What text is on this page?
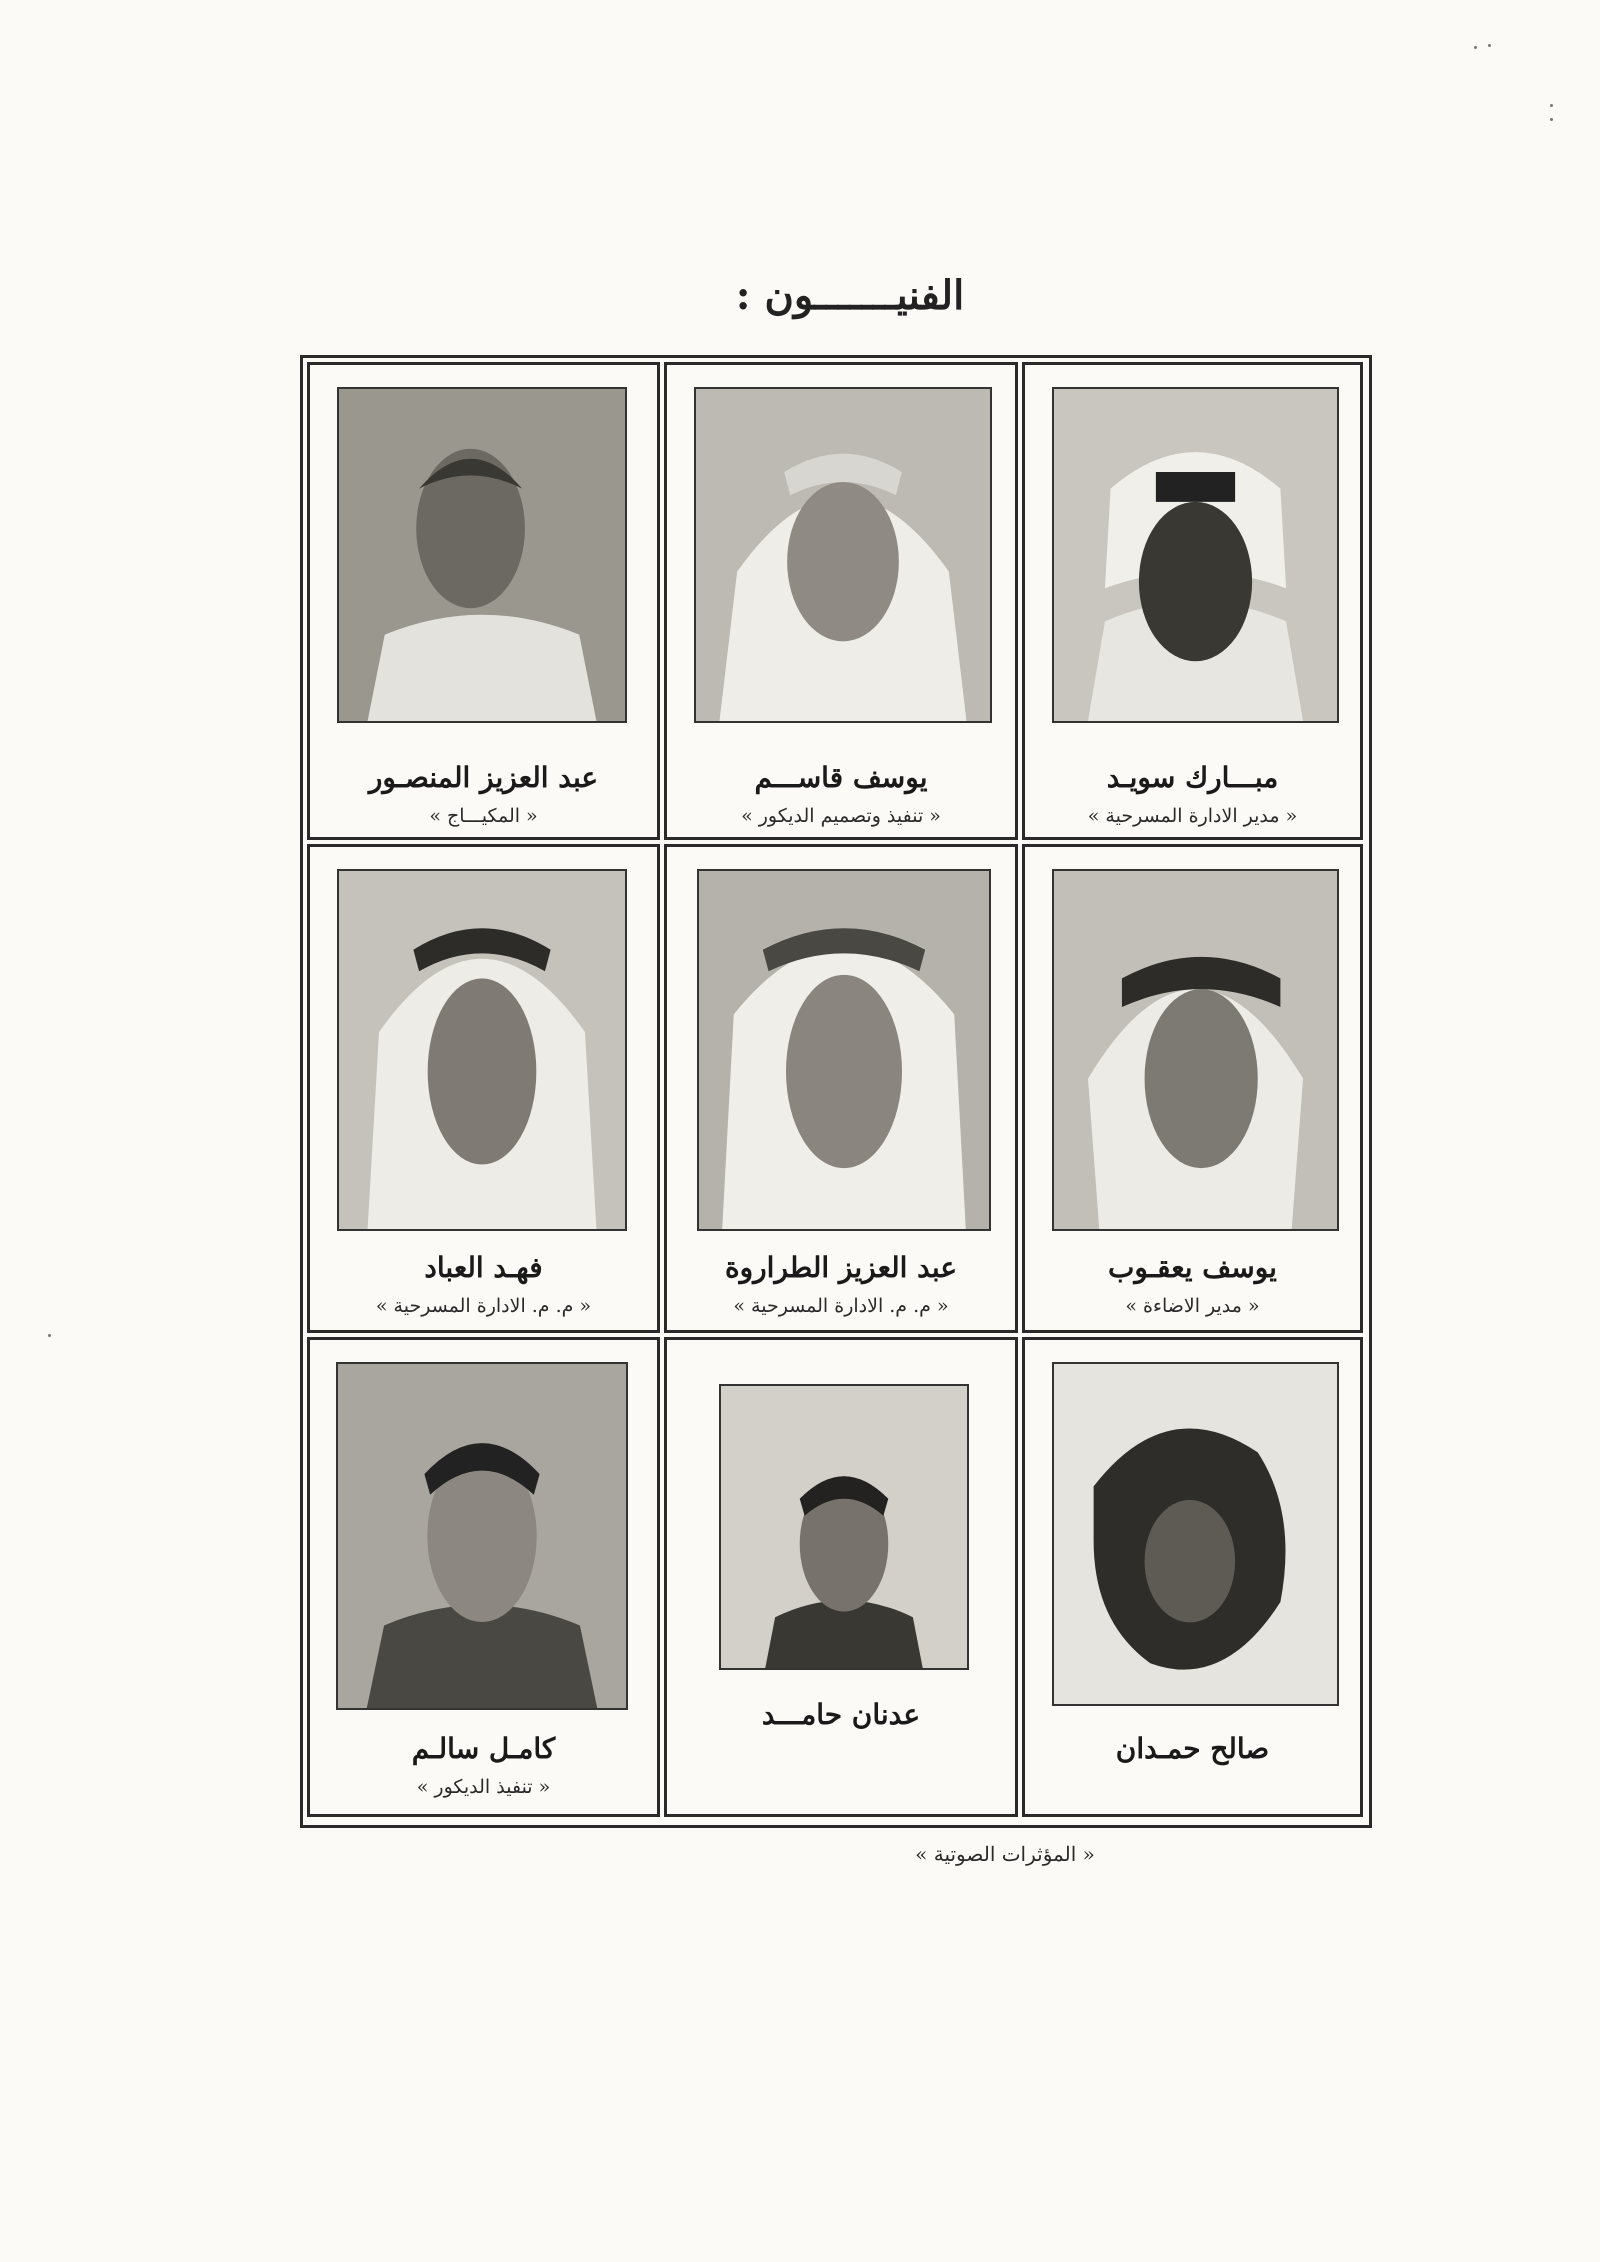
الفنيـــــــون :
مبـــارك سويـد
« مدير الادارة المسرحية »
يوسف قاســـم
« تنفيذ وتصميم الديكور »
عبد العزيز المنصـور
« المكيـــاج »
يوسف يعقـوب
« مدير الاضاءة »
عبد العزيز الطراروة
« م. م. الادارة المسرحية »
فهـد العباد
« م. م. الادارة المسرحية »
صالح حمـدان
عدنان حامـــد
كامـل سالـم
« تنفيذ الديكور »
« المؤثرات الصوتية »
